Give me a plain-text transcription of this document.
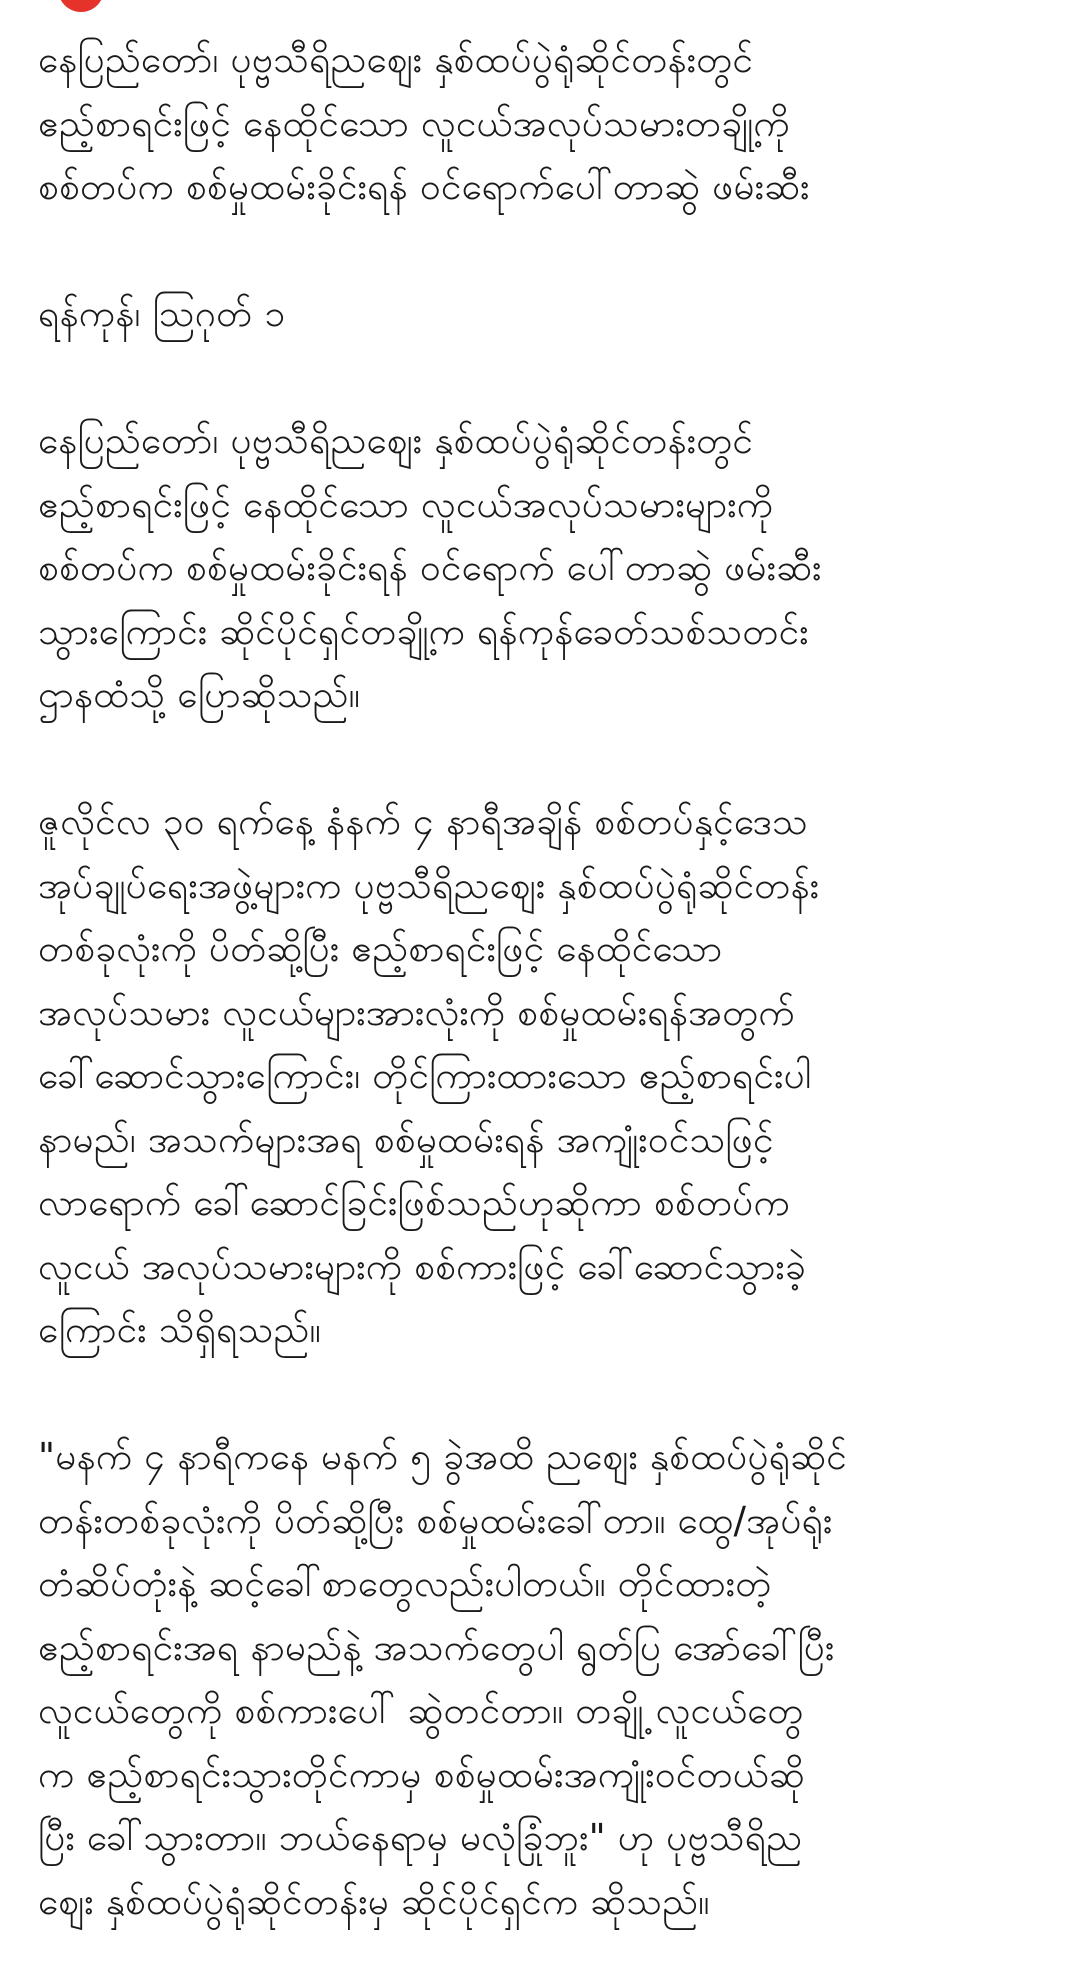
နေပြည်တော်၊ ပုဗ္ဗသီရိညဈေး နှစ်ထပ်ပွဲရုံဆိုင်တန်းတွင်
ဧည့်စာရင်းဖြင့် နေထိုင်သော လူငယ်အလုပ်သမားတချို့ကို
စစ်တပ်က စစ်မှုထမ်းခိုင်းရန် ဝင်ရောက်ပေါ်တာဆွဲ ဖမ်းဆီး

ရန်ကုန်၊ ဩဂုတ် ၁

နေပြည်တော်၊ ပုဗ္ဗသီရိညဈေး နှစ်ထပ်ပွဲရုံဆိုင်တန်းတွင်
ဧည့်စာရင်းဖြင့် နေထိုင်သော လူငယ်အလုပ်သမားများကို
စစ်တပ်က စစ်မှုထမ်းခိုင်းရန် ဝင်ရောက် ပေါ်တာဆွဲ ဖမ်းဆီး
သွားကြောင်း ဆိုင်ပိုင်ရှင်တချို့က ရန်ကုန်ခေတ်သစ်သတင်း
ဌာနထံသို့ ပြောဆိုသည်။

ဇူလိုင်လ ၃၀ ရက်နေ့ နံနက် ၄ နာရီအချိန် စစ်တပ်နှင့်ဒေသ
အုပ်ချုပ်ရေးအဖွဲ့များက ပုဗ္ဗသီရိညဈေး နှစ်ထပ်ပွဲရုံဆိုင်တန်း
တစ်ခုလုံးကို ပိတ်ဆို့ပြီး ဧည့်စာရင်းဖြင့် နေထိုင်သော
အလုပ်သမား လူငယ်များအားလုံးကို စစ်မှုထမ်းရန်အတွက်
ခေါ်ဆောင်သွားကြောင်း၊ တိုင်ကြားထားသော ဧည့်စာရင်းပါ
နာမည်၊ အသက်များအရ စစ်မှုထမ်းရန် အကျုံးဝင်သဖြင့်
လာရောက် ခေါ်ဆောင်ခြင်းဖြစ်သည်ဟုဆိုကာ စစ်တပ်က
လူငယ် အလုပ်သမားများကို စစ်ကားဖြင့် ခေါ်ဆောင်သွားခဲ့
ကြောင်း သိရှိရသည်။

"မနက် ၄ နာရီကနေ မနက် ၅ ခွဲအထိ ညဈေး နှစ်ထပ်ပွဲရုံဆိုင်
တန်းတစ်ခုလုံးကို ပိတ်ဆို့ပြီး စစ်မှုထမ်းခေါ်တာ။ ထွေ/အုပ်ရုံး
တံဆိပ်တုံးနဲ့ ဆင့်ခေါ်စာတွေလည်းပါတယ်။ တိုင်ထားတဲ့
ဧည့်စာရင်းအရ နာမည်နဲ့ အသက်တွေပါ ရွတ်ပြ အော်ခေါ်ပြီး
လူငယ်တွေကို စစ်ကားပေါ် ဆွဲတင်တာ။ တချို့ လူငယ်တွေ
က ဧည့်စာရင်းသွားတိုင်ကာမှ စစ်မှုထမ်းအကျုံးဝင်တယ်ဆို
ပြီး ခေါ်သွားတာ။ ဘယ်နေရာမှ မလုံခြုံဘူး" ဟု ပုဗ္ဗသီရိည
ဈေး နှစ်ထပ်ပွဲရုံဆိုင်တန်းမှ ဆိုင်ပိုင်ရှင်က ဆိုသည်။
